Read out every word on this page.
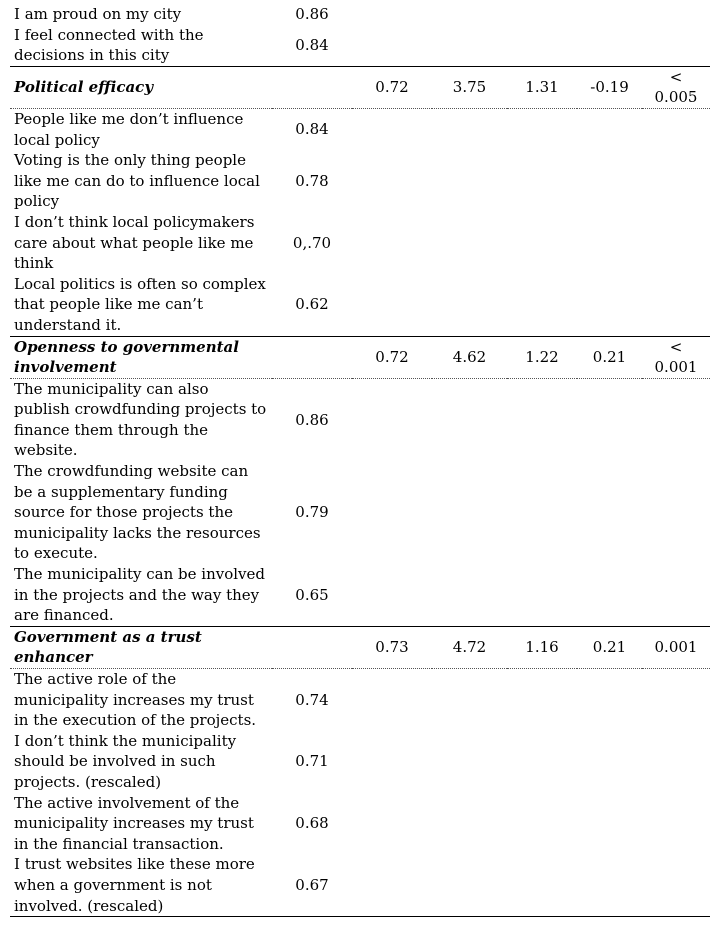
I am proud on my city	0.86					
I feel connected with the decisions in this city	0.84					
Political efficacy		0.72	3.75	1.31	-0.19	<
0.005

People like me don’t influence local policy	0.84					
Voting is the only thing people like me can do to influence local policy	0.78					
I don’t think local policymakers care about what people like me think	0,.70					
Local politics is often so complex that people like me can’t understand it.	0.62					
Openness to governmental involvement		0.72	4.62	1.22	0.21	<
0.001

The municipality can also publish crowdfunding projects to finance them through the website.	0.86					
The crowdfunding website can be a supplementary funding source for those projects the municipality lacks the resources to execute.	0.79					
The municipality can be involved in the projects and the way they are financed.	0.65					
Government as a trust enhancer		0.73	4.72	1.16	0.21	0.001

The active role of the municipality increases my trust in the execution of the projects.	0.74					
I don’t think the municipality should be involved in such projects. (rescaled)	0.71					
The active involvement of the municipality increases my trust in the financial transaction.	0.68					
I trust websites like these more when a government is not involved. (rescaled)	0.67					
